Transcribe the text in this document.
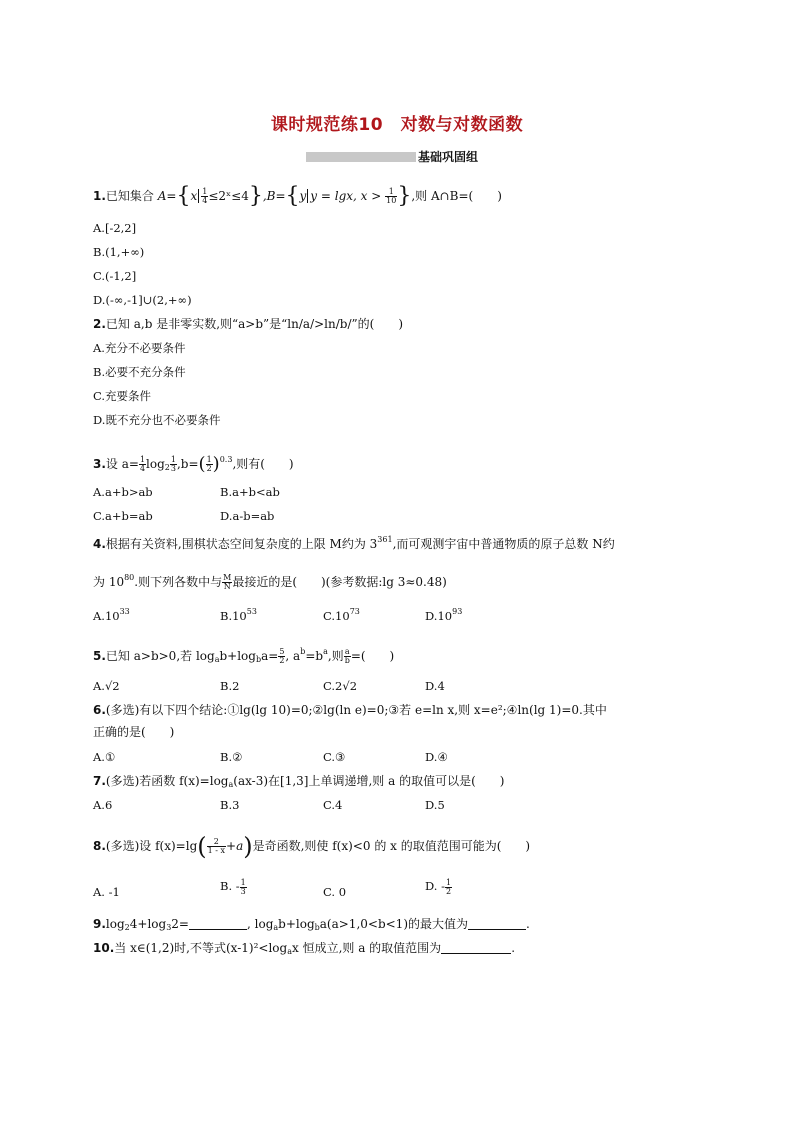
课时规范练10　对数与对数函数
基础巩固组
1.已知集合 $A=\{x \frac{1}{4}$ ≤2ˣ≤4},B={y y = lgx, $x > \frac{1}{10}$ },则 A∩B=(　　)
A.[-2,2]
B.(1,+∞)
C.(-1,2]
D.(-∞,-1]∪(2,+∞)
2.已知 a,b 是非零实数,则“a>b”是“ln/a/>ln/b/”的(　　)
A.充分不必要条件
B.必要不充分条件
C.充要条件
D.既不充分也不必要条件
3.设 $a= \frac{1}{4} \log_2 \frac{1}{3} ,b=( \frac{1}{2} )^{0.3}$,则有(　　)
A.a+b>ab	B.a+b<ab
C.a+b=ab	D.a-b=ab
4.根据有关资料,围棋状态空间复杂度的上限 M约为 $3^{361}$,而可观测宇宙中普通物质的原子总数 N约
为 $10^{80}$.则下列各数中与 $\frac{M}{N}$ 最接近的是(　　)(参考数据:lg 3≈0.48)
$A.10^{33}$	$B.10^{53}$	$C.10^{73}$	$D.10^{93}$
5.已知 a>b>0,若 $\log_ab+\log_ba= \frac{5}{2}$ , $a^b=b^a$,则 $\frac{a}{b}$ =(　　)
A.√2	B.2	C.2√2	D.4
6.(多选)有以下四个结论:①lg(lg 10)=0;②lg(ln e)=0;③若 e=ln x,则 x=e²;④ln(lg 1)=0.其中
正确的是(　　)
A.①	B.②	C.③	D.④
7.(多选)若函数 $f(x)=\log_a(ax-3)$在[1,3]上单调递增,则 a 的取值可以是(　　)
A.6	B.3	C.4	D.5
8.(多选)设 $f(x)=\lg( \frac{2}{1 - x} +a)$是奇函数,则使 f(x)<0 的 x 的取值范围可能为(　　)
A. -1	B. - $\frac{1}{3}$	C. 0	D. - $\frac{1}{2}$
$9.\log_24+\log_32=$	, $\log_ab+\log_ba(a>1,0<b<1)$的最大值为	.
10.当 x∈(1,2)时,不等式$(x-1)^2<\log_ax$ 恒成立,则 a 的取值范围为	.
